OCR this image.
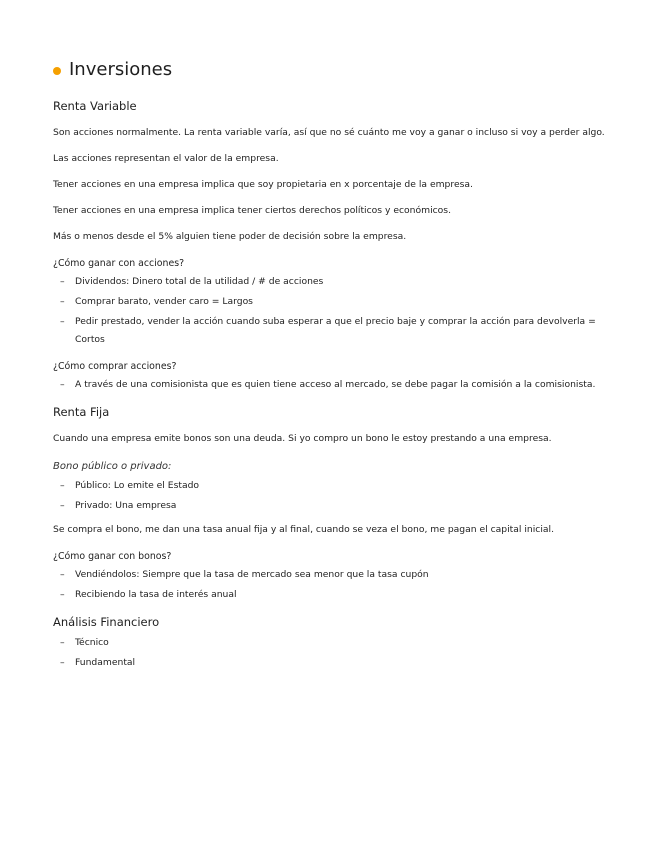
Inversiones
Renta Variable

Son acciones normalmente. La renta variable varía, así que no sé cuánto me voy a ganar o incluso si voy a perder algo.

Las acciones representan el valor de la empresa.

Tener acciones en una empresa implica que soy propietaria en x porcentaje de la empresa.

Tener acciones en una empresa implica tener ciertos derechos políticos y económicos.

Más o menos desde el 5% alguien tiene poder de decisión sobre la empresa.

¿Cómo ganar con acciones?
– Dividendos: Dinero total de la utilidad / # de acciones
– Comprar barato, vender caro = Largos
– Pedir prestado, vender la acción cuando suba esperar a que el precio baje y comprar la acción para devolverla = Cortos
¿Cómo comprar acciones?
– A través de una comisionista que es quien tiene acceso al mercado, se debe pagar la comisión a la comisionista.
Renta Fija

Cuando una empresa emite bonos son una deuda. Si yo compro un bono le estoy prestando a una empresa.

Bono público o privado:

– Público: Lo emite el Estado
– Privado: Una empresa

Se compra el bono, me dan una tasa anual fija y al final, cuando se veza el bono, me pagan el capital inicial.

¿Cómo ganar con bonos?
– Vendiéndolos: Siempre que la tasa de mercado sea menor que la tasa cupón
– Recibiendo la tasa de interés anual
Análisis Financiero
– Técnico
– Fundamental
